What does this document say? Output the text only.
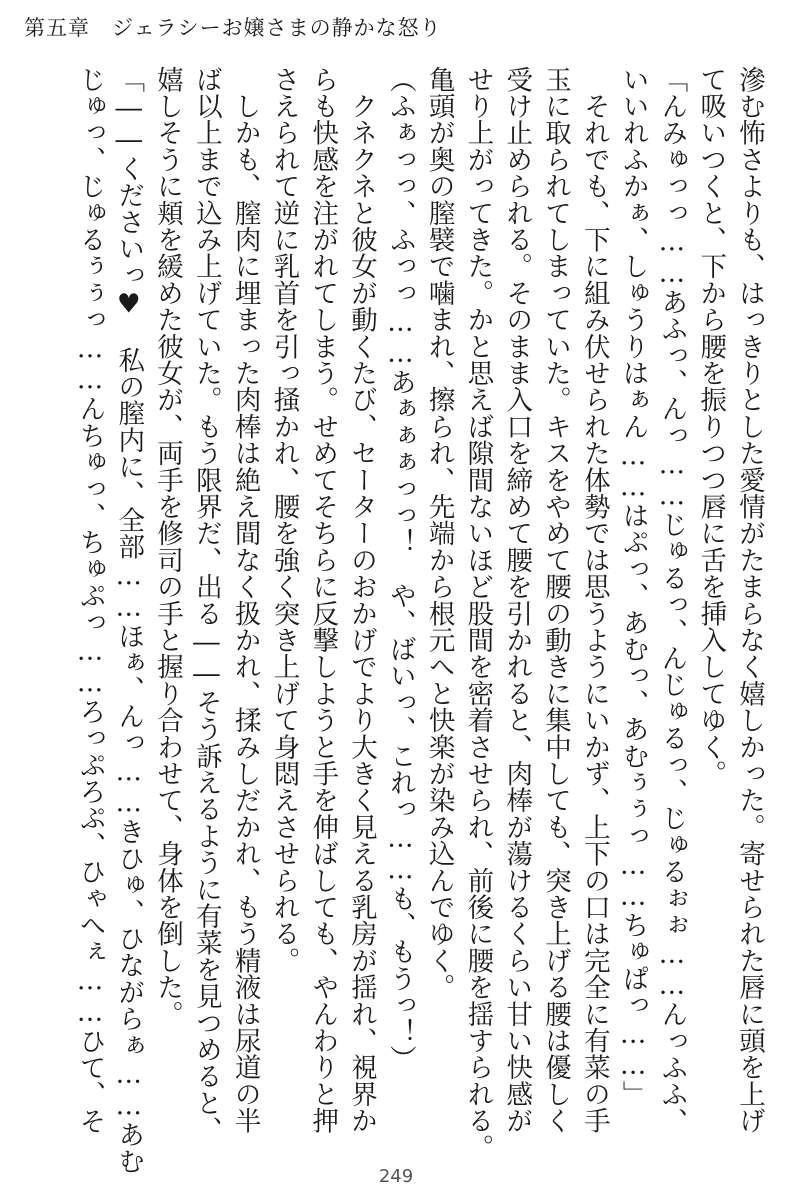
第五章　ジェラシーお嬢さまの静かな怒り
滲む怖さよりも、はっきりとした愛情がたまらなく嬉しかった。寄せられた唇に頭を上げ
て吸いつくと、下から腰を振りつつ唇に舌を挿入してゆく。
「んみゅっっ……あふっ、んっ……じゅるっ、んじゅるっ、じゅるぉぉ……んっふふ、
いいれふかぁ、しゅうりはぁん……はぷっ、あむっ、あむぅぅっ……ちゅぱっ……」
　それでも、下に組み伏せられた体勢では思うようにいかず、上下の口は完全に有菜の手
玉に取られてしまっていた。キスをやめて腰の動きに集中しても、突き上げる腰は優しく
受け止められる。そのまま入口を締めて腰を引かれると、肉棒が蕩けるくらい甘い快感が
せり上がってきた。かと思えば隙間ないほど股間を密着させられ、前後に腰を揺すられる。
亀頭が奥の膣襞で噛まれ、擦られ、先端から根元へと快楽が染み込んでゆく。
（ふぁっっ、ふっっ……あぁぁぁっっ！　や、ばいっ、これっ……も、もうっ！）
　クネクネと彼女が動くたび、セーターのおかげでより大きく見える乳房が揺れ、視界か
らも快感を注がれてしまう。せめてそちらに反撃しようと手を伸ばしても、やんわりと押
さえられて逆に乳首を引っ掻かれ、腰を強く突き上げて身悶えさせられる。
　しかも、膣肉に埋まった肉棒は絶え間なく扱かれ、揉みしだかれ、もう精液は尿道の半
ば以上まで込み上げていた。もう限界だ、出る――そう訴えるように有菜を見つめると、
嬉しそうに頬を緩めた彼女が、両手を修司の手と握り合わせて、身体を倒した。
「――くださいっ♥　私の膣内に、全部……ほぁ、んっ……きひゅ、ひながらぁ……あむ
じゅっ、じゅるぅぅっ……んちゅっ、ちゅぷっ……ろっぷろぷ、ひゃへぇ……ひて、そ
249
